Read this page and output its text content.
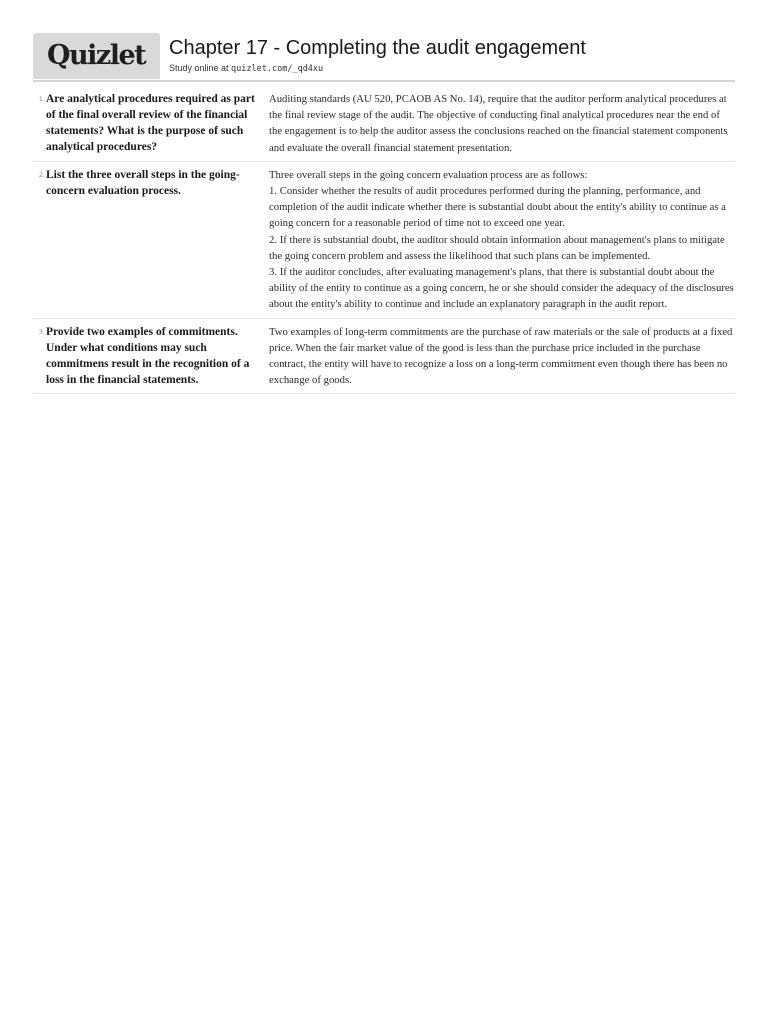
Quizlet Chapter 17 - Completing the audit engagement
Study online at quizlet.com/_qd4xu
1. Are analytical procedures required as part of the final overall review of the financial statements? What is the purpose of such analytical procedures?
Auditing standards (AU 520, PCAOB AS No. 14), require that the auditor perform analytical procedures at the final review stage of the audit. The objective of conducting final analytical procedures near the end of the engagement is to help the auditor assess the conclusions reached on the financial statement components and evaluate the overall financial statement presentation.
2. List the three overall steps in the going-concern evaluation process.
Three overall steps in the going concern evaluation process are as follows:
1. Consider whether the results of audit procedures performed during the planning, performance, and completion of the audit indicate whether there is substantial doubt about the entity's ability to continue as a going concern for a reasonable period of time not to exceed one year.
2. If there is substantial doubt, the auditor should obtain information about management's plans to mitigate the going concern problem and assess the likelihood that such plans can be implemented.
3. If the auditor concludes, after evaluating management's plans, that there is substantial doubt about the ability of the entity to continue as a going concern, he or she should consider the adequacy of the disclosures about the entity's ability to continue and include an explanatory paragraph in the audit report.
3. Provide two examples of commitments. Under what conditions may such commitmens result in the recognition of a loss in the financial statements.
Two examples of long-term commitments are the purchase of raw materials or the sale of products at a fixed price. When the fair market value of the good is less than the purchase price included in the purchase contract, the entity will have to recognize a loss on a long-term commitment even though there has been no exchange of goods.
